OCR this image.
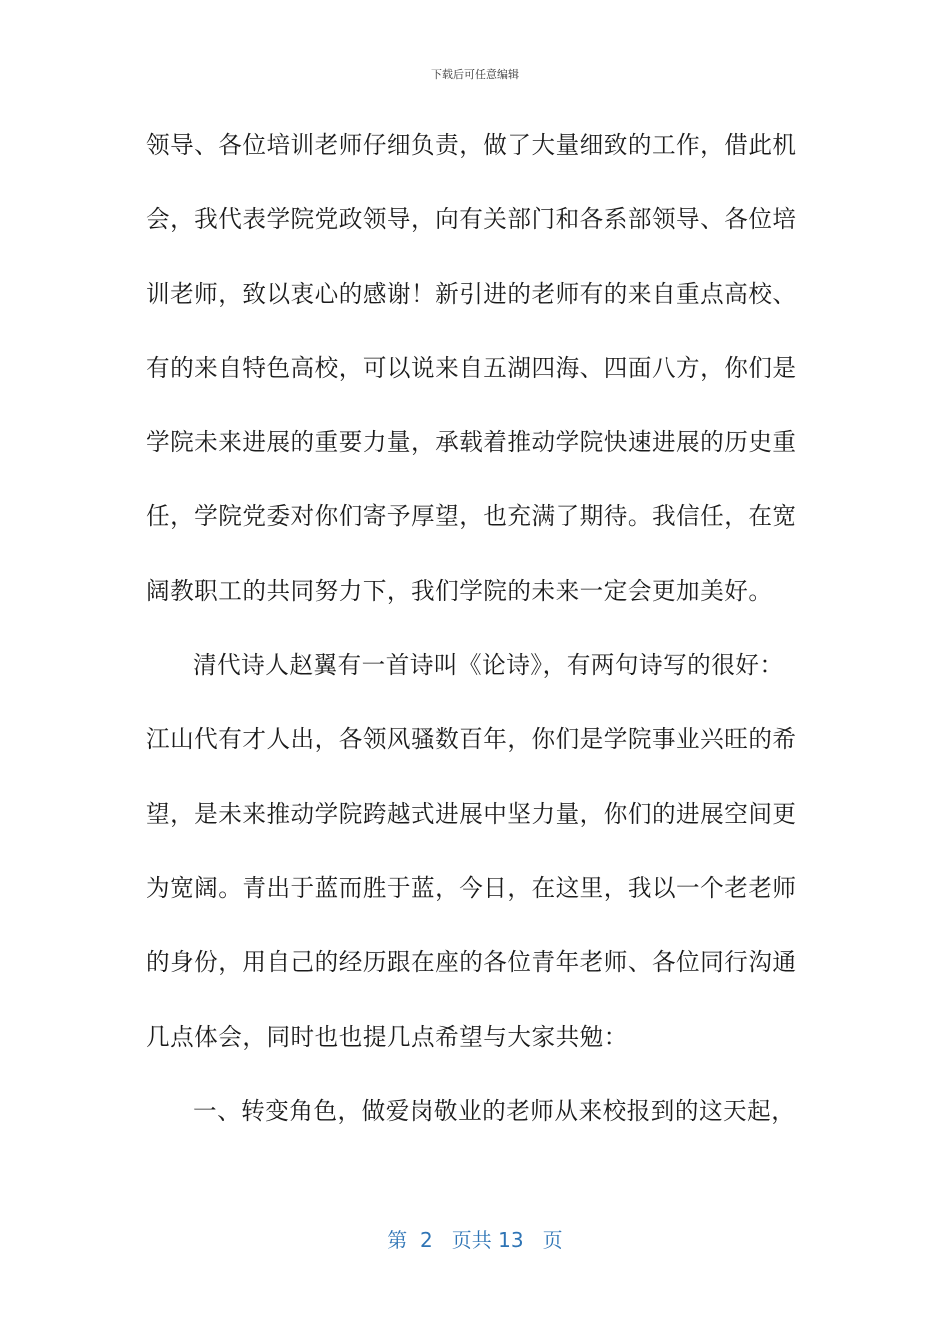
下载后可任意编辑
领导、各位培训老师仔细负责，做了大量细致的工作，借此机
会，我代表学院党政领导，向有关部门和各系部领导、各位培
训老师，致以衷心的感谢！新引进的老师有的来自重点高校、
有的来自特色高校，可以说来自五湖四海、四面八方，你们是
学院未来进展的重要力量，承载着推动学院快速进展的历史重
任，学院党委对你们寄予厚望，也充满了期待。我信任，在宽
阔教职工的共同努力下，我们学院的未来一定会更加美好。
清代诗人赵翼有一首诗叫《论诗》，有两句诗写的很好：
江山代有才人出，各领风骚数百年，你们是学院事业兴旺的希
望，是未来推动学院跨越式进展中坚力量，你们的进展空间更
为宽阔。青出于蓝而胜于蓝，今日，在这里，我以一个老老师
的身份，用自己的经历跟在座的各位青年老师、各位同行沟通
几点体会，同时也也提几点希望与大家共勉：
一、转变角色，做爱岗敬业的老师从来校报到的这天起，
第  2   页共 13   页
